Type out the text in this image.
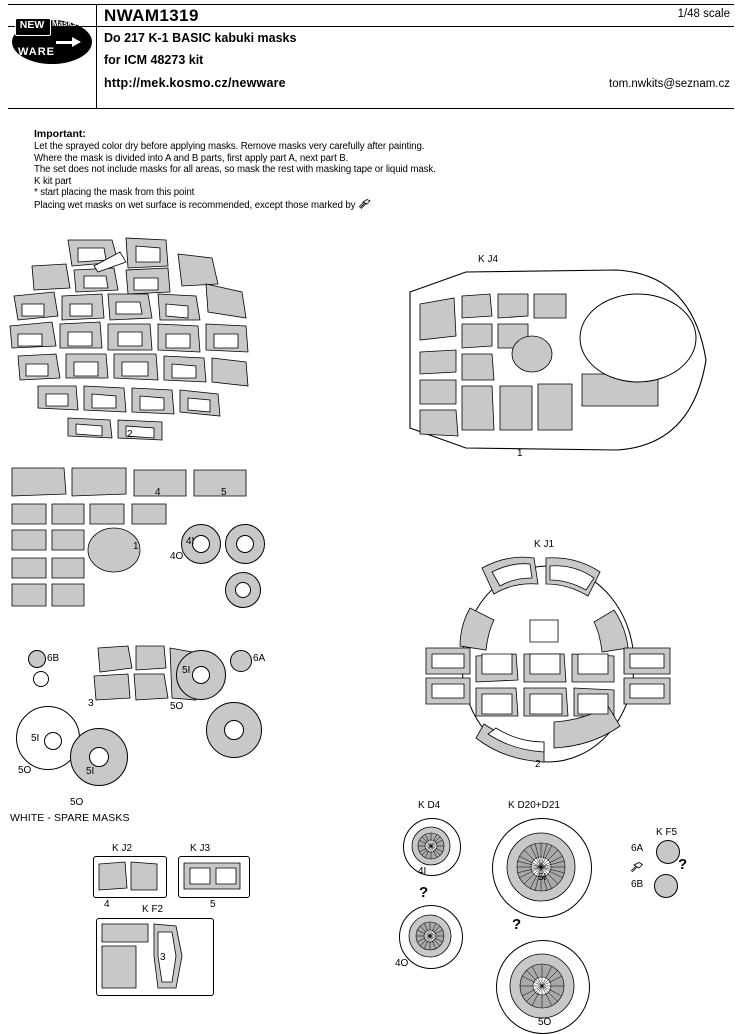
NEW Masks
WARE
NWAM1319	1/48 scale
Do 217 K-1 BASIC kabuki masks
for ICM 48273 kit
http://mek.kosmo.cz/newware	tom.nwkits@seznam.cz
Important:

Let the sprayed color dry before applying masks. Remove masks very carefully after painting.

Where the mask is divided into A and B parts, first apply part A, next part B.

The set does not include masks for all areas, so mask the rest with masking tape or liquid mask.

K kit part

* start placing the mask from this point

Placing wet masks on wet surface is recommended, except those marked by

2
4	5
1	4I
4O
6B
3
6A
5I
5O
5I
5O	5I
5O
WHITE - SPARE MASKS
K J2
4
K J3
5
K F2
3
K J4
1
K J1
2
K D4
4I
?
4O
K D20+D21
5I
?
5O
K F5
6A
?
6B
